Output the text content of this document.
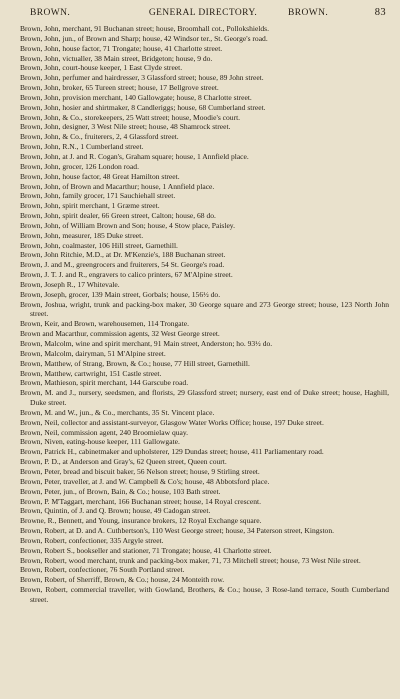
BROWN.	GENERAL DIRECTORY.	BROWN.	83
Brown, John, merchant, 91 Buchanan street; house, Broomhall cot., Pollokshields.
Brown, John, jun., of Brown and Sharp; house, 42 Windsor ter., St. George's road.
Brown, John, house factor, 71 Trongate; house, 41 Charlotte street.
Brown, John, victualler, 38 Main street, Bridgeton; house, 9 do.
Brown, John, court-house keeper, 1 East Clyde street.
Brown, John, perfumer and hairdresser, 3 Glassford street; house, 89 John street.
Brown, John, broker, 65 Tureen street; house, 17 Bellgrove street.
Brown, John, provision merchant, 140 Gallowgate; house, 8 Charlotte street.
Brown, John, hosier and shirtmaker, 8 Candleriggs; house, 68 Cumberland street.
Brown, John, & Co., storekeepers, 25 Watt street; house, Moodie's court.
Brown, John, designer, 3 West Nile street; house, 48 Shamrock street.
Brown, John, & Co., fruiterers, 2, 4 Glassford street.
Brown, John, R.N., 1 Cumberland street.
Brown, John, at J. and R. Cogan's, Graham square; house, 1 Annfield place.
Brown, John, grocer, 126 London road.
Brown, John, house factor, 48 Great Hamilton street.
Brown, John, of Brown and Macarthur; house, 1 Annfield place.
Brown, John, family grocer, 171 Sauchiehall street.
Brown, John, spirit merchant, 1 Græme street.
Brown, John, spirit dealer, 66 Green street, Calton; house, 68 do.
Brown, John, of William Brown and Son; house, 4 Stow place, Paisley.
Brown, John, measurer, 185 Duke street.
Brown, John, coalmaster, 106 Hill street, Garnethill.
Brown, John Ritchie, M.D., at Dr. M'Kenzie's, 188 Buchanan street.
Brown, J. and M., greengrocers and fruiterers, 54 St. George's road.
Brown, J. T. J. and R., engravers to calico printers, 67 M'Alpine street.
Brown, Joseph R., 17 Whitevale.
Brown, Joseph, grocer, 139 Main street, Gorbals; house, 156½ do.
Brown, Joshua, wright, trunk and packing-box maker, 30 George square and 273 George street; house, 123 North John street.
Brown, Keir, and Brown, warehousemen, 114 Trongate.
Brown and Macarthur, commission agents, 32 West George street.
Brown, Malcolm, wine and spirit merchant, 91 Main street, Anderston; ho. 93½ do.
Brown, Malcolm, dairyman, 51 M'Alpine street.
Brown, Matthew, of Strang, Brown, & Co.; house, 77 Hill street, Garnethill.
Brown, Matthew, cartwright, 151 Castle street.
Brown, Mathieson, spirit merchant, 144 Garscube road.
Brown, M. and J., nursery, seedsmen, and florists, 29 Glassford street; nursery, east end of Duke street; house, Haghill, Duke street.
Brown, M. and W., jun., & Co., merchants, 35 St. Vincent place.
Brown, Neil, collector and assistant-surveyor, Glasgow Water Works Office; house, 197 Duke street.
Brown, Neil, commission agent, 240 Broomielaw quay.
Brown, Niven, eating-house keeper, 111 Gallowgate.
Brown, Patrick H., cabinetmaker and upholsterer, 129 Dundas street; house, 411 Parliamentary road.
Brown, P. D., at Anderson and Gray's, 62 Queen street, Queen court.
Brown, Peter, bread and biscuit baker, 56 Nelson street; house, 9 Stirling street.
Brown, Peter, traveller, at J. and W. Campbell & Co's; house, 48 Abbotsford place.
Brown, Peter, jun., of Brown, Bain, & Co.; house, 103 Bath street.
Brown, P. M'Taggart, merchant, 166 Buchanan street; house, 14 Royal crescent.
Brown, Quintin, of J. and Q. Brown; house, 49 Cadogan street.
Browne, R., Bennett, and Young, insurance brokers, 12 Royal Exchange square.
Brown, Robert, at D. and A. Cuthbertson's, 110 West George street; house, 34 Paterson street, Kingston.
Brown, Robert, confectioner, 335 Argyle street.
Brown, Robert S., bookseller and stationer, 71 Trongate; house, 41 Charlotte street.
Brown, Robert, wood merchant, trunk and packing-box maker, 71, 73 Mitchell street; house, 73 West Nile street.
Brown, Robert, confectioner, 76 South Portland street.
Brown, Robert, of Sherriff, Brown, & Co.; house, 24 Monteith row.
Brown, Robert, commercial traveller, with Gowland, Brothers, & Co.; house, 3 Rose-land terrace, South Cumberland street.
